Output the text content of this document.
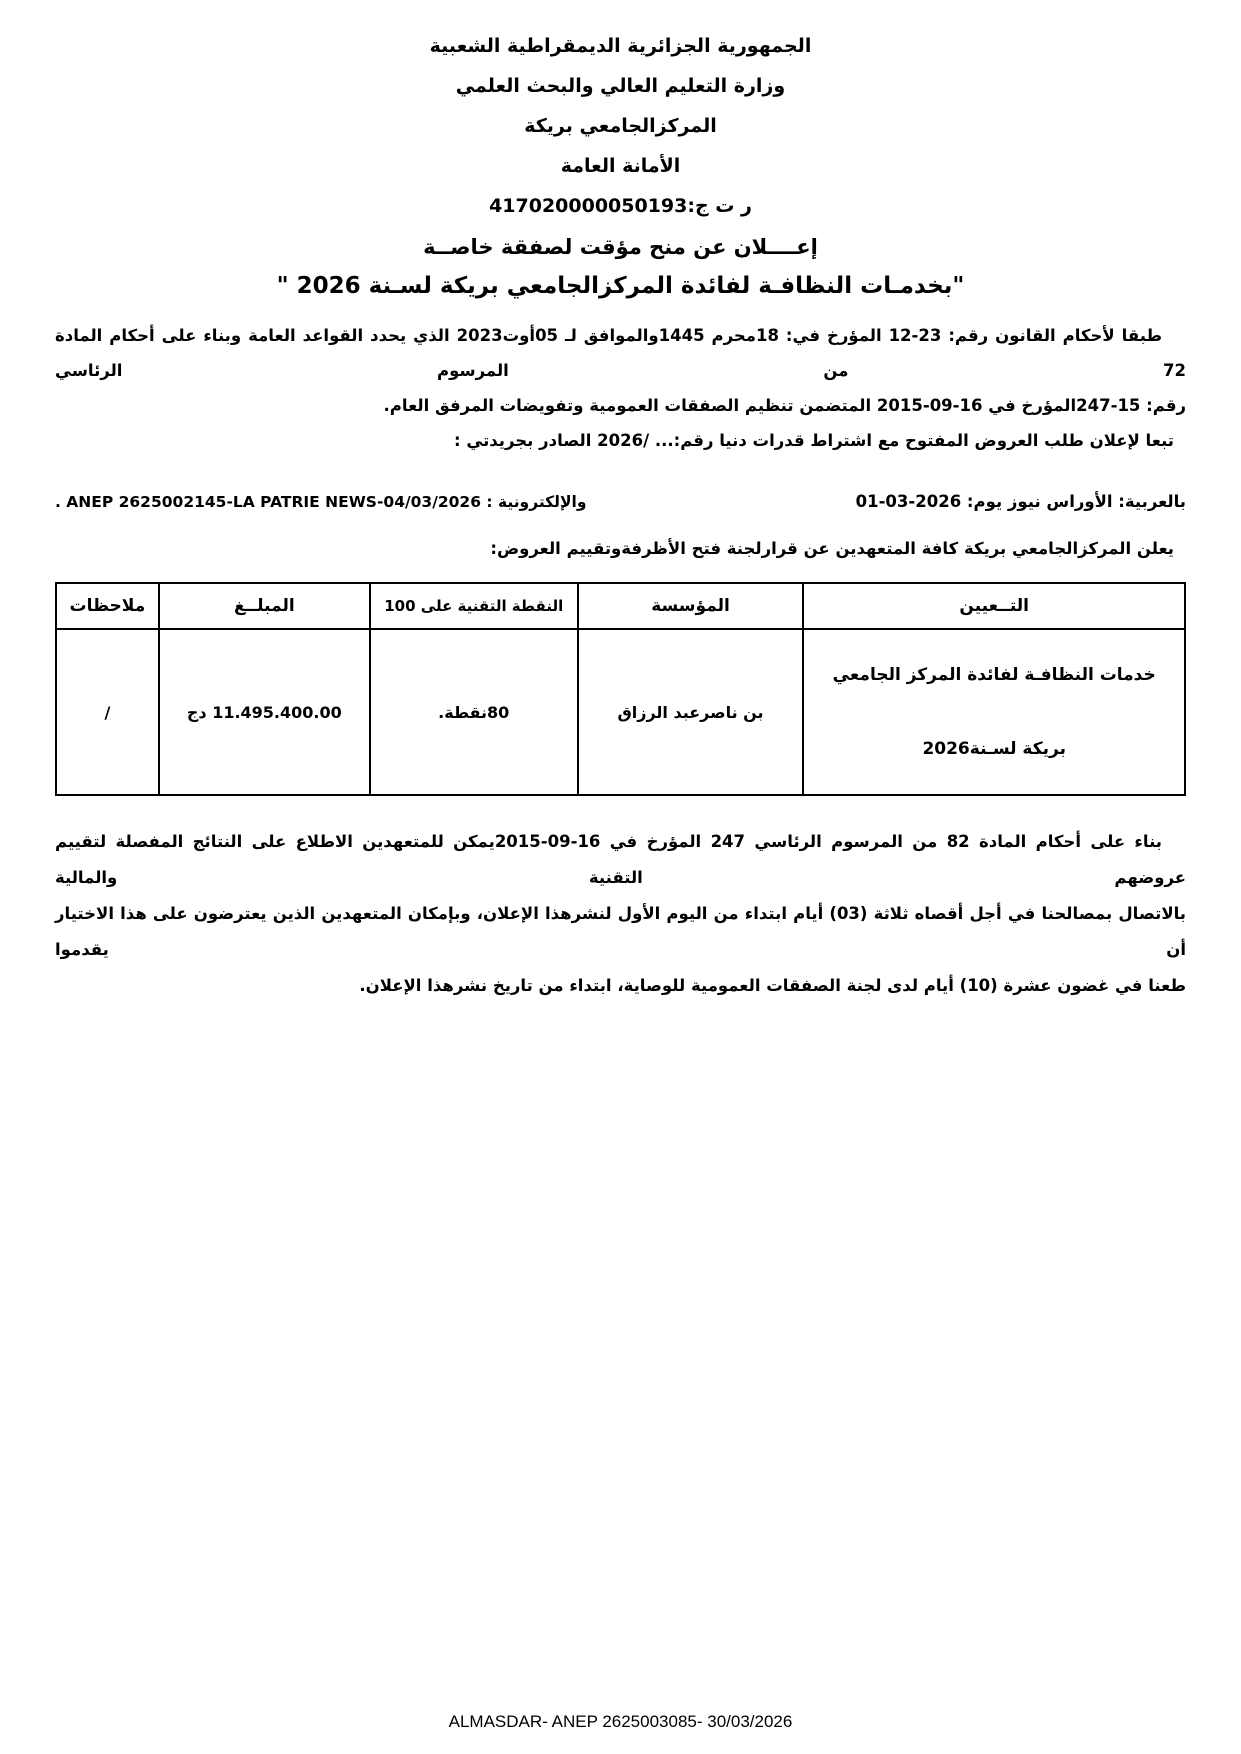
الجمهورية الجزائرية الديمقراطية الشعبية
وزارة التعليم العالي والبحث العلمي
المركزالجامعي بريكة
الأمانة العامة
ر ت ج:417020000050193
إعــــلان عن منح مؤقت لصفقة خاصــة
"بخدمـات النظافـة لفائدة المركزالجامعي بريكة لسـنة 2026 "
طبقا لأحكام القانون رقم: 23-12 المؤرخ في: 18محرم 1445والموافق لـ 05أوت2023 الذي يحدد القواعد العامة وبناء على أحكام المادة 72 من المرسوم الرئاسي
رقم: 15-247المؤرخ في 16-09-2015 المتضمن تنظيم الصفقات العمومية وتفويضات المرفق العام.
تبعا لإعلان طلب العروض المفتوح مع اشتراط قدرات دنيا رقم:... /2026 الصادر بجريدتي :
بالعربية: الأوراس نيوز يوم: 2026-03-01
والإلكترونية : ANEP 2625002145-LA PATRIE NEWS-04/03/2026 .
يعلن المركزالجامعي بريكة كافة المتعهدين عن قرارلجنة فتح الأظرفةوتقييم العروض:
التــعيين	المؤسسة	النقطة التقنية على 100	المبلــغ	ملاحظات

خدمات النظافـة لفائدة المركز الجامعي
بريكة لسـنة2026	بن ناصرعبد الرزاق	80نقطة.	11.495.400.00 دج	/
بناء على أحكام المادة 82 من المرسوم الرئاسي 247 المؤرخ في 16-09-2015يمكن للمتعهدين الاطلاع على النتائج المفصلة لتقييم عروضهم التقنية والمالية
بالاتصال بمصالحنا في أجل أقصاه ثلاثة (03) أيام ابتداء من اليوم الأول لنشرهذا الإعلان، وبإمكان المتعهدين الذين يعترضون على هذا الاختيار أن يقدموا
طعنا في غضون عشرة (10) أيام لدى لجنة الصفقات العمومية للوصاية، ابتداء من تاريخ نشرهذا الإعلان.
ALMASDAR- ANEP 2625003085- 30/03/2026
